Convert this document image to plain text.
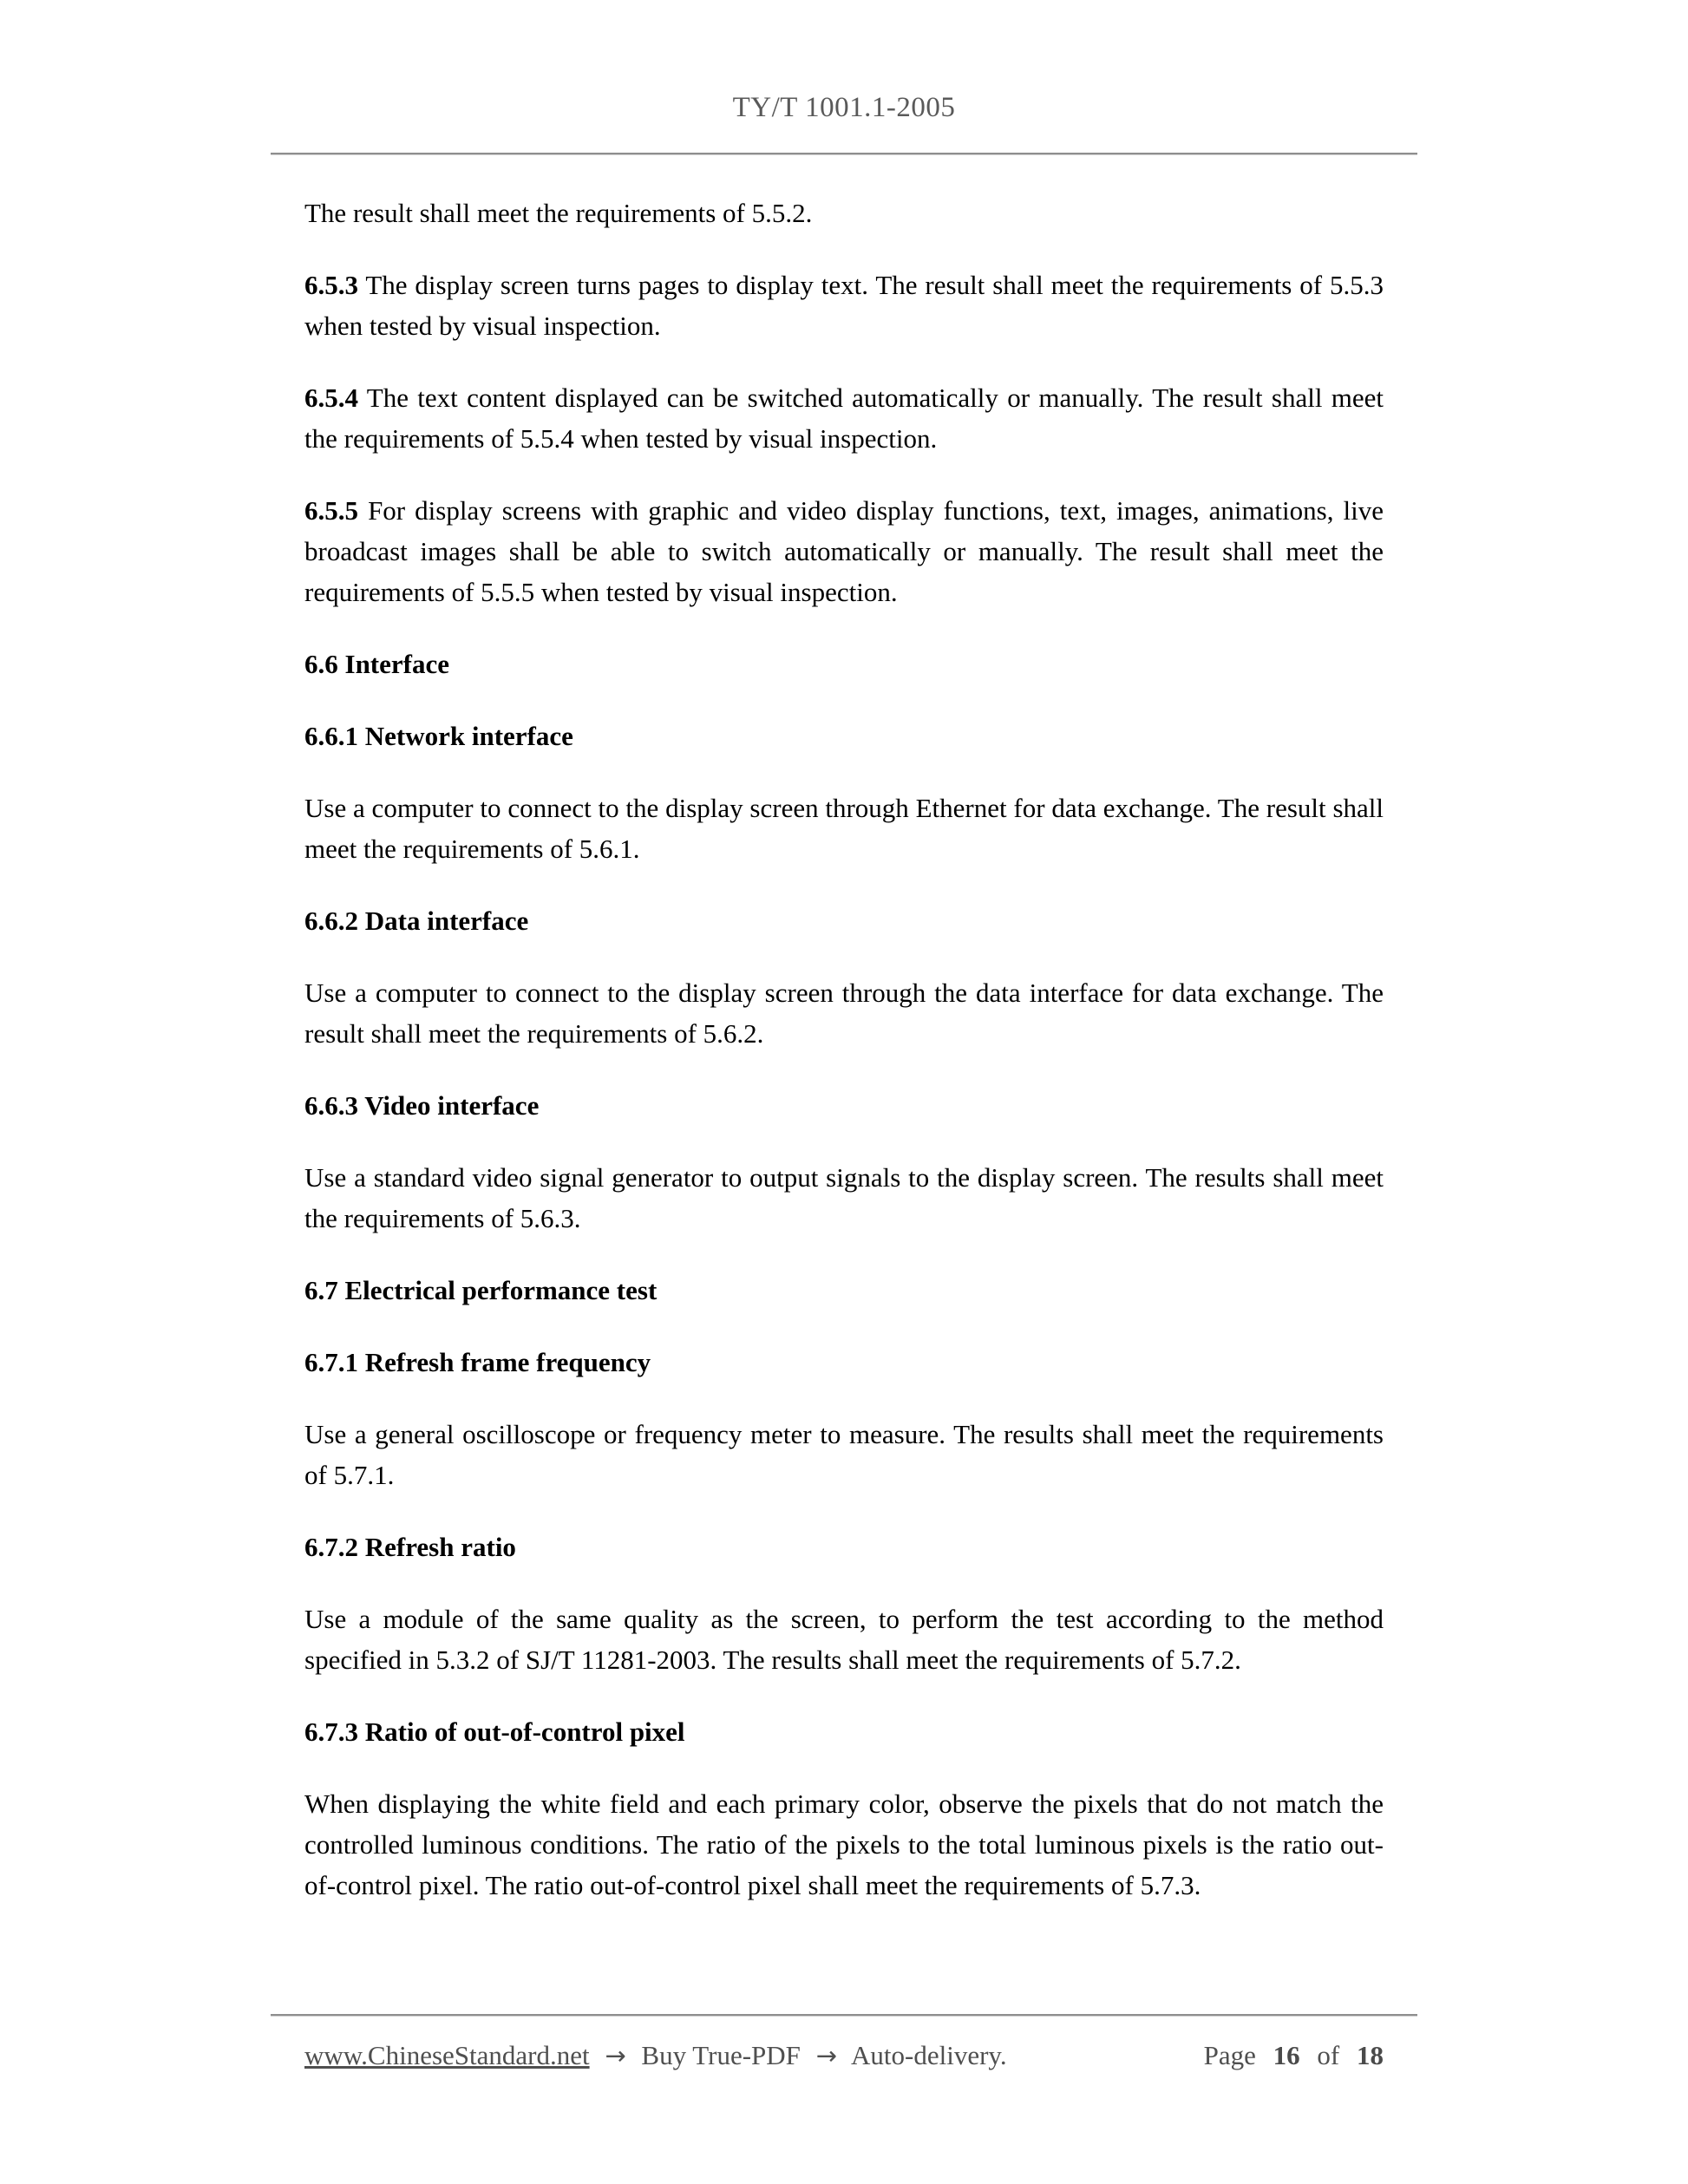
TY/T 1001.1-2005

The result shall meet the requirements of 5.5.2.

6.5.3 The display screen turns pages to display text. The result shall meet the requirements of 5.5.3 when tested by visual inspection.

6.5.4 The text content displayed can be switched automatically or manually. The result shall meet the requirements of 5.5.4 when tested by visual inspection.

6.5.5 For display screens with graphic and video display functions, text, images, animations, live broadcast images shall be able to switch automatically or manually. The result shall meet the requirements of 5.5.5 when tested by visual inspection.

6.6 Interface

6.6.1 Network interface

Use a computer to connect to the display screen through Ethernet for data exchange. The result shall meet the requirements of 5.6.1.

6.6.2 Data interface

Use a computer to connect to the display screen through the data interface for data exchange. The result shall meet the requirements of 5.6.2.

6.6.3 Video interface

Use a standard video signal generator to output signals to the display screen. The results shall meet the requirements of 5.6.3.

6.7 Electrical performance test

6.7.1 Refresh frame frequency

Use a general oscilloscope or frequency meter to measure. The results shall meet the requirements of 5.7.1.

6.7.2 Refresh ratio

Use a module of the same quality as the screen, to perform the test according to the method specified in 5.3.2 of SJ/T 11281-2003. The results shall meet the requirements of 5.7.2.

6.7.3 Ratio of out-of-control pixel

When displaying the white field and each primary color, observe the pixels that do not match the controlled luminous conditions. The ratio of the pixels to the total luminous pixels is the ratio out-of-control pixel. The ratio out-of-control pixel shall meet the requirements of 5.7.3.

www.ChineseStandard.net → Buy True-PDF → Auto-delivery.	Page 16 of 18
